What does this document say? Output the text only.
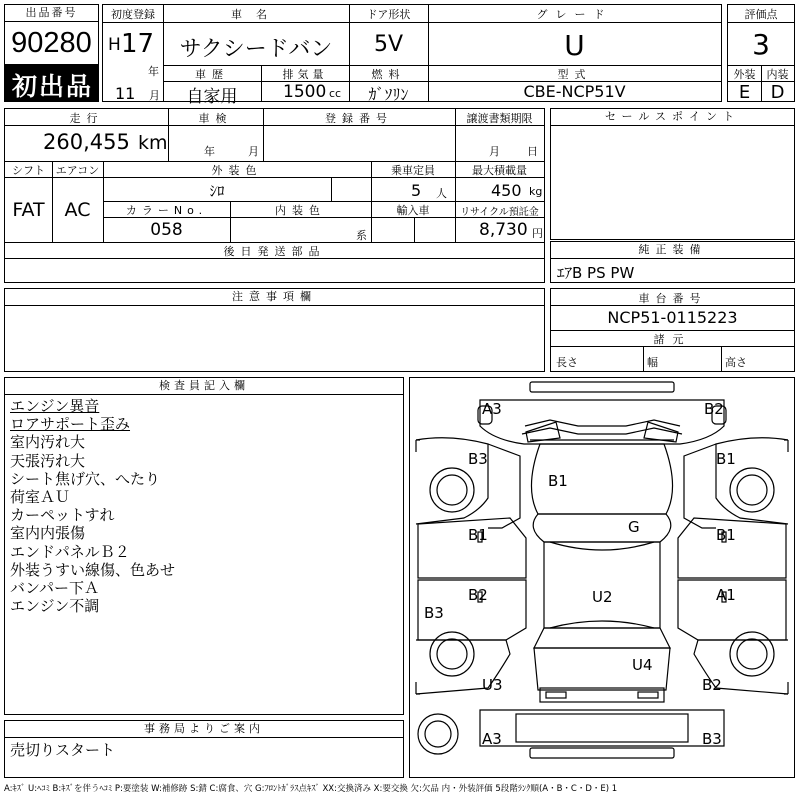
出品番号
90280
初出品
初度登録
H 17
年
11 月
車名
サクシードバン
ドア形状
5V
グレード
U
車歴
自家用
排気量
1500 cc
燃料
ｶﾞｿﾘﾝ
型式
CBE-NCP51V
評価点
3
外装	内装
E	D
走行
260,455 km
車検
年	月
登録番号	譲渡書類期限
月 日
シフト
FAT
エアコン
AC
外装色
ｼﾛ
乗車定員
5 人
最大積載量
450 kg
カラーNo.
058
内装色
系
輸入車	リサイクル預託金
8,730 円
後日発送部品
セールスポイント
純正装備
ｴｱB PS PW
注意事項欄	車台番号
NCP51-0115223
諸元
長さ	幅	高さ
検査員記入欄
エンジン異音
ロアサポート歪み
室内汚れ大
天張汚れ大
シート焦げ穴、へたり
荷室ＡＵ
カーペットすれ
室内内張傷
エンドパネルＢ２
外装うすい線傷、色あせ
バンパー下Ａ
エンジン不調
事務局よりご案内
売切りスタート
A3	B2
B3	B1
B1
G
B1	B1
B2	A1
U2
B3
U4
U3	B2
A3	B3
A:ｷｽﾞ U:ﾍｺﾐ B:ｷｽﾞを伴うﾍｺﾐ P:要塗装 W:補修跡 S:錆 C:腐食、穴 G:ﾌﾛﾝﾄｶﾞﾗｽ点ｷｽﾞ XX:交換済み X:要交換 欠:欠品 内・外装評価 5段階ﾗﾝｸ順(A・B・C・D・E) 1
